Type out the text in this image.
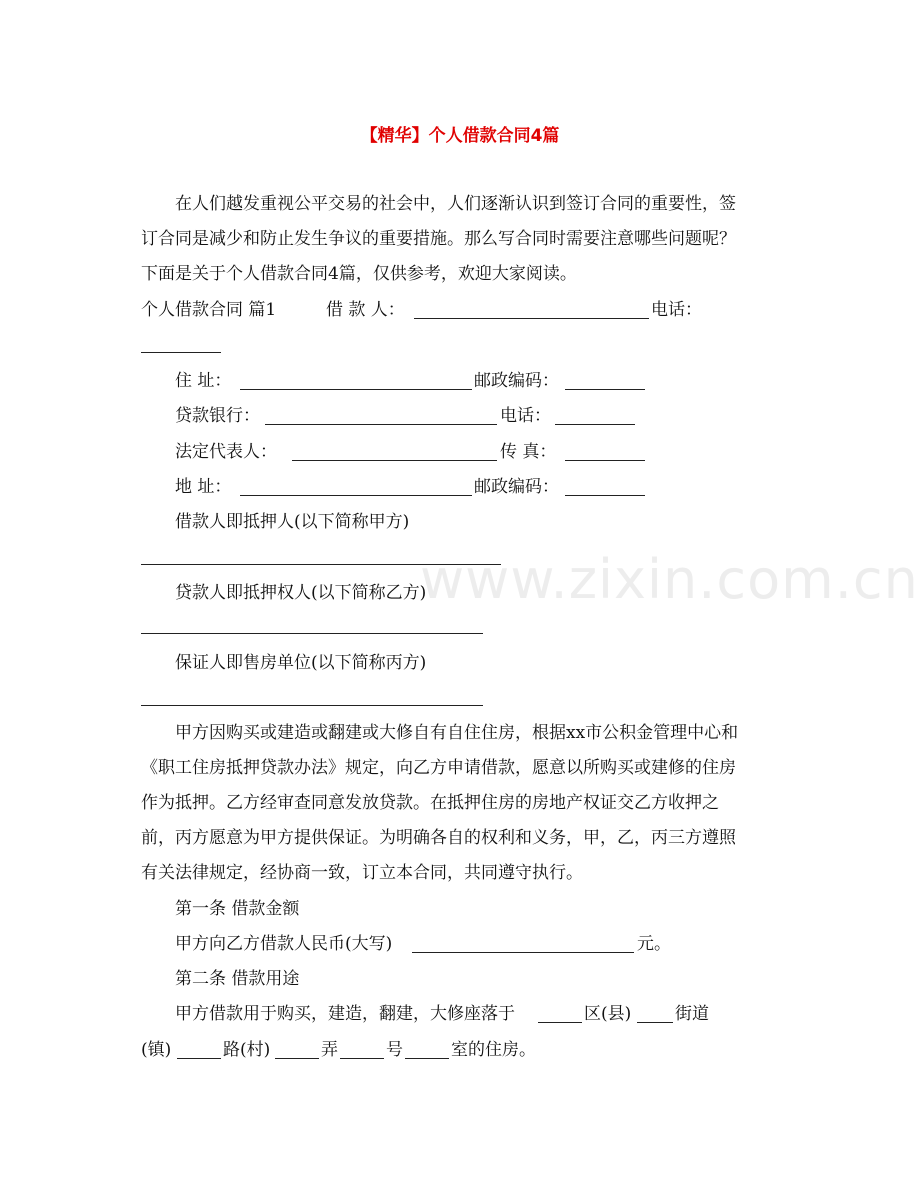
【精华】个人借款合同4篇
www.zixin.com.cn
在人们越发重视公平交易的社会中，人们逐渐认识到签订合同的重要性，签
订合同是减少和防止发生争议的重要措施。那么写合同时需要注意哪些问题呢？
下面是关于个人借款合同4篇，仅供参考，欢迎大家阅读。
个人借款合同 篇1	借 款 人：	电话：
住 址：	邮政编码：
贷款银行：	电话：
法定代表人：	传 真：
地 址：	邮政编码：
借款人即抵押人(以下简称甲方)
贷款人即抵押权人(以下简称乙方)
保证人即售房单位(以下简称丙方)
甲方因购买或建造或翻建或大修自有自住住房，根据xx市公积金管理中心和
《职工住房抵押贷款办法》规定，向乙方申请借款，愿意以所购买或建修的住房
作为抵押。乙方经审查同意发放贷款。在抵押住房的房地产权证交乙方收押之
前，丙方愿意为甲方提供保证。为明确各自的权利和义务，甲，乙，丙三方遵照
有关法律规定，经协商一致，订立本合同，共同遵守执行。
第一条 借款金额
甲方向乙方借款人民币(大写)	元。
第二条 借款用途
甲方借款用于购买，建造，翻建，大修座落于	区(县)	街道
(镇)	路(村)	弄	号	室的住房。
